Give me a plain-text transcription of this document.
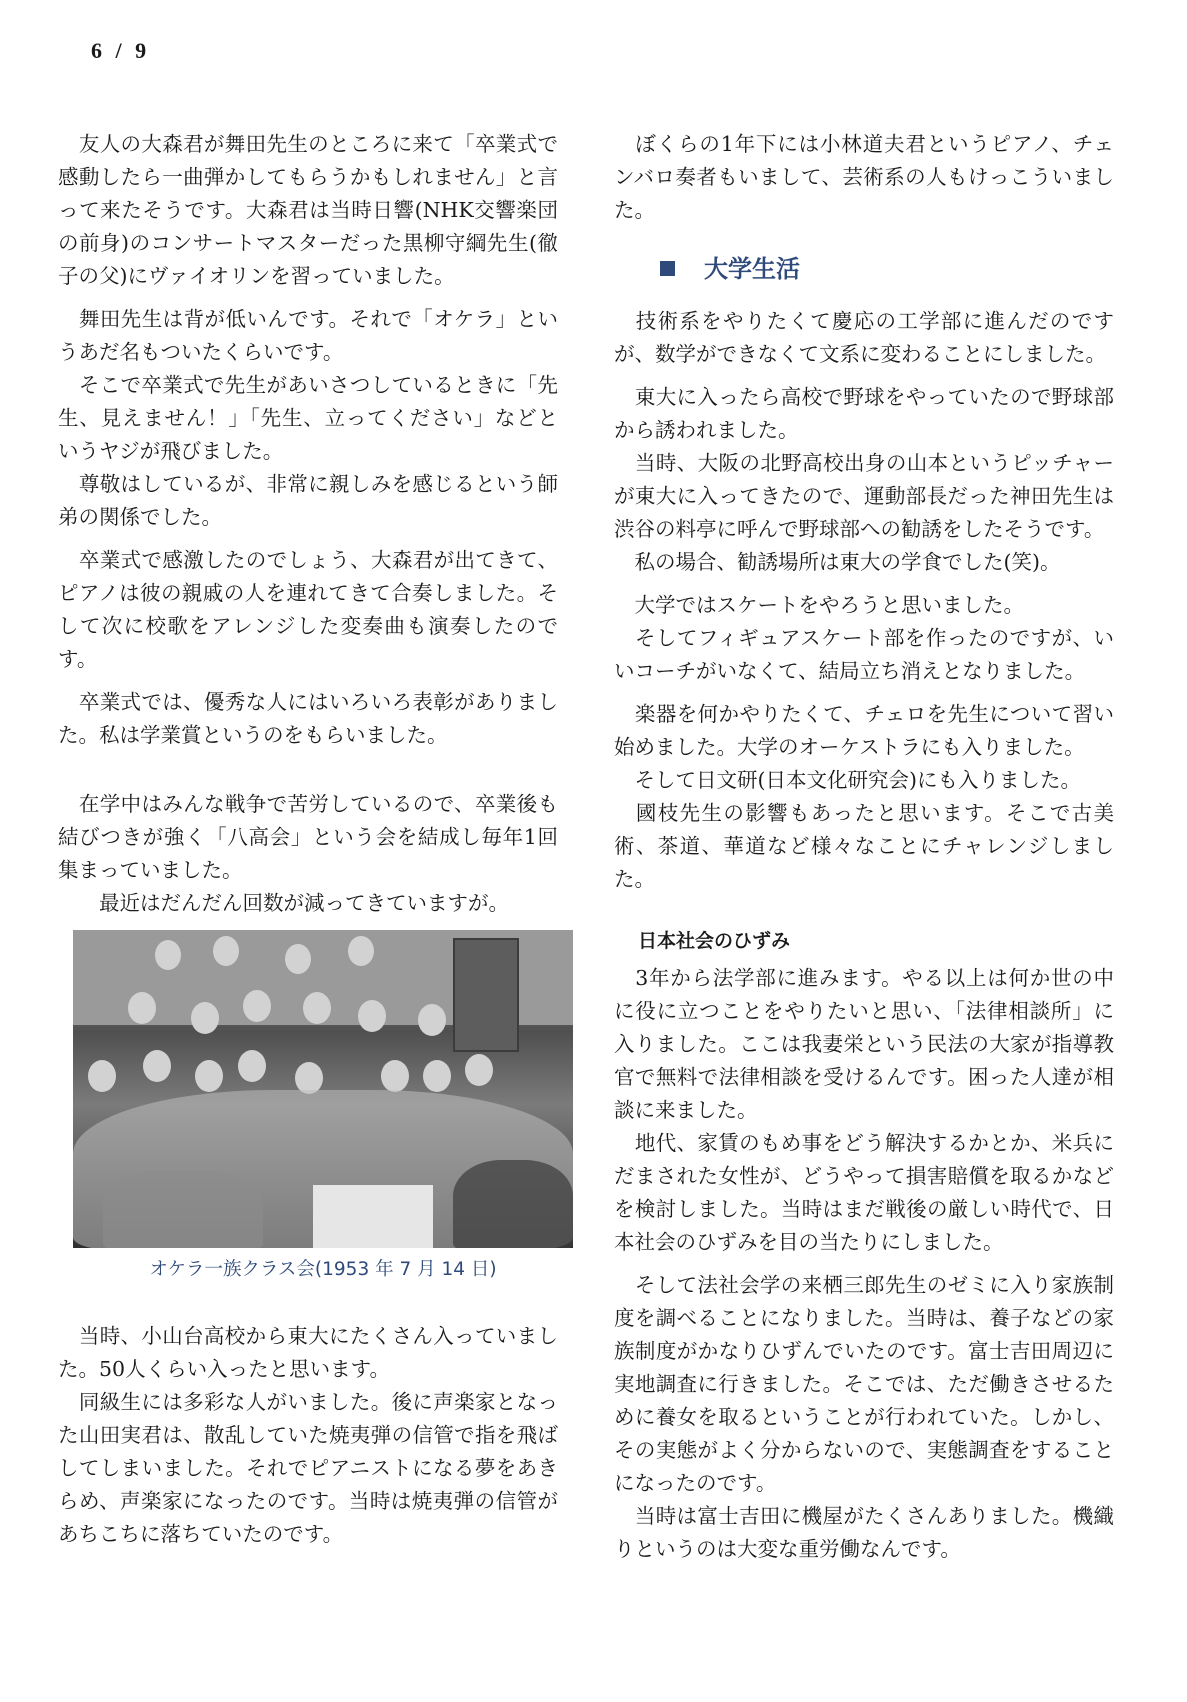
6 / 9

　友人の大森君が舞田先生のところに来て「卒業式で感動したら一曲弾かしてもらうかもしれません」と言って来たそうです。大森君は当時日響(NHK交響楽団の前身)のコンサートマスターだった黒柳守綱先生(徹子の父)にヴァイオリンを習っていました。

　舞田先生は背が低いんです。それで「オケラ」というあだ名もついたくらいです。

　そこで卒業式で先生があいさつしているときに「先生、見えません！」「先生、立ってください」などというヤジが飛びました。

　尊敬はしているが、非常に親しみを感じるという師弟の関係でした。

　卒業式で感激したのでしょう、大森君が出てきて、ピアノは彼の親戚の人を連れてきて合奏しました。そして次に校歌をアレンジした変奏曲も演奏したのです。

　卒業式では、優秀な人にはいろいろ表彰がありました。私は学業賞というのをもらいました。

　在学中はみんな戦争で苦労しているので、卒業後も結びつきが強く「八高会」という会を結成し毎年1回集まっていました。

　　最近はだんだん回数が減ってきていますが。

オケラ一族クラス会(1953 年 7 月 14 日)

　当時、小山台高校から東大にたくさん入っていました。50人くらい入ったと思います。

　同級生には多彩な人がいました。後に声楽家となった山田実君は、散乱していた焼夷弾の信管で指を飛ばしてしまいました。それでピアニストになる夢をあきらめ、声楽家になったのです。当時は焼夷弾の信管があちこちに落ちていたのです。

　ぼくらの1年下には小林道夫君というピアノ、チェンバロ奏者もいまして、芸術系の人もけっこういました。

大学生活

　技術系をやりたくて慶応の工学部に進んだのですが、数学ができなくて文系に変わることにしました。

　東大に入ったら高校で野球をやっていたので野球部から誘われました。

　当時、大阪の北野高校出身の山本というピッチャーが東大に入ってきたので、運動部長だった神田先生は渋谷の料亭に呼んで野球部への勧誘をしたそうです。

　私の場合、勧誘場所は東大の学食でした(笑)。

　大学ではスケートをやろうと思いました。

　そしてフィギュアスケート部を作ったのですが、いいコーチがいなくて、結局立ち消えとなりました。

　楽器を何かやりたくて、チェロを先生について習い始めました。大学のオーケストラにも入りました。

　そして日文研(日本文化研究会)にも入りました。

　國枝先生の影響もあったと思います。そこで古美術、茶道、華道など様々なことにチャレンジしました。

日本社会のひずみ

　3年から法学部に進みます。やる以上は何か世の中に役に立つことをやりたいと思い、「法律相談所」に入りました。ここは我妻栄という民法の大家が指導教官で無料で法律相談を受けるんです。困った人達が相談に来ました。

　地代、家賃のもめ事をどう解決するかとか、米兵にだまされた女性が、どうやって損害賠償を取るかなどを検討しました。当時はまだ戦後の厳しい時代で、日本社会のひずみを目の当たりにしました。

　そして法社会学の来栖三郎先生のゼミに入り家族制度を調べることになりました。当時は、養子などの家族制度がかなりひずんでいたのです。富士吉田周辺に実地調査に行きました。そこでは、ただ働きさせるために養女を取るということが行われていた。しかし、その実態がよく分からないので、実態調査をすることになったのです。

　当時は富士吉田に機屋がたくさんありました。機織りというのは大変な重労働なんです。
